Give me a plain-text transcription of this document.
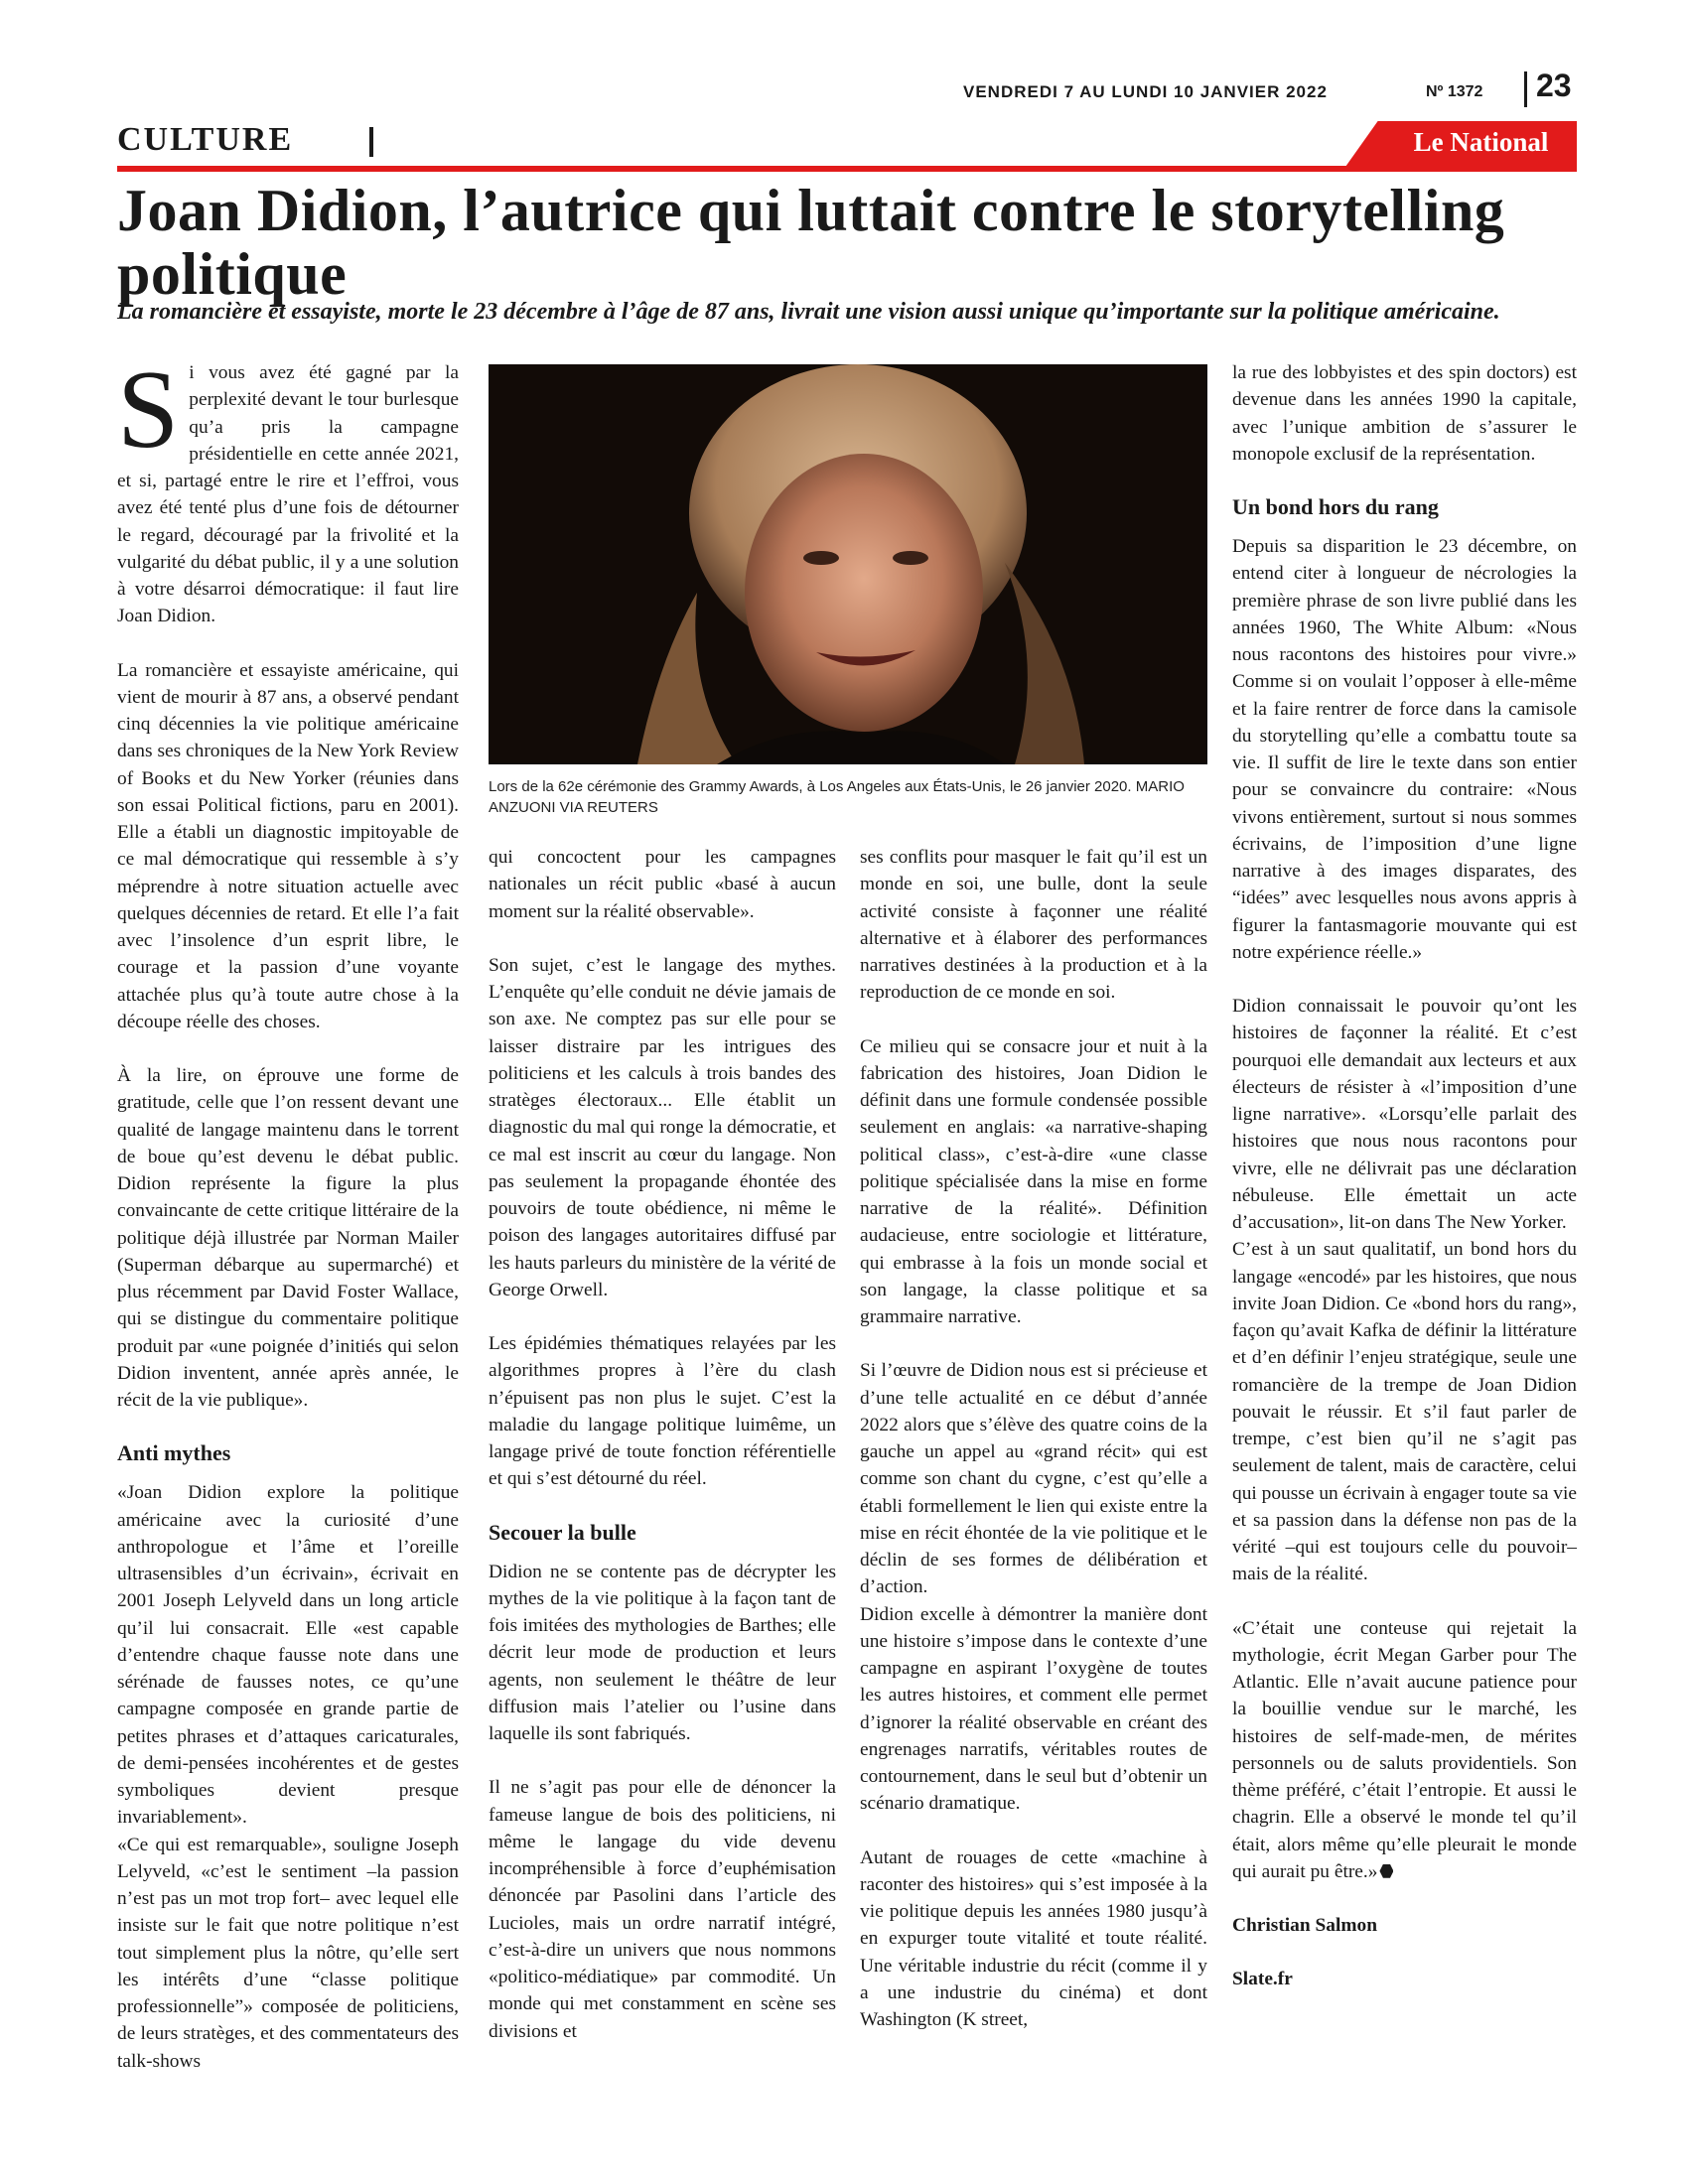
VENDREDI 7 AU LUNDI 10 JANVIER 2022	Nº 1372 23
CULTURE	Le National
Joan Didion, l’autrice qui luttait contre le storytelling politique

La romancière et essayiste, morte le 23 décembre à l’âge de 87 ans, livrait une vision aussi unique qu’importante sur la politique américaine.

Si vous avez été gagné par la perplexité devant le tour burlesque qu’a pris la campagne présidentielle en cette année 2021, et si, partagé entre le rire et l’effroi, vous avez été tenté plus d’une fois de détourner le regard, découragé par la frivolité et la vulgarité du débat public, il y a une solution à votre désarroi démocratique: il faut lire Joan Didion.

La romancière et essayiste américaine, qui vient de mourir à 87 ans, a observé pendant cinq décennies la vie politique américaine dans ses chroniques de la New York Review of Books et du New Yorker (réunies dans son essai Political fictions, paru en 2001). Elle a établi un diagnostic impitoyable de ce mal démocratique qui ressemble à s’y méprendre à notre situation actuelle avec quelques décennies de retard. Et elle l’a fait avec l’insolence d’un esprit libre, le courage et la passion d’une voyante attachée plus qu’à toute autre chose à la découpe réelle des choses.

À la lire, on éprouve une forme de gratitude, celle que l’on ressent devant une qualité de langage maintenu dans le torrent de boue qu’est devenu le débat public. Didion représente la figure la plus convaincante de cette critique littéraire de la politique déjà illustrée par Norman Mailer (Superman débarque au supermarché) et plus récemment par David Foster Wallace, qui se distingue du commentaire politique produit par «une poignée d’initiés qui selon Didion inventent, année après année, le récit de la vie publique».

Anti mythes

«Joan Didion explore la politique américaine avec la curiosité d’une anthropologue et l’âme et l’oreille ultrasensibles d’un écrivain», écrivait en 2001 Joseph Lelyveld dans un long article qu’il lui consacrait. Elle «est capable d’entendre chaque fausse note dans une sérénade de fausses notes, ce qu’une campagne composée en grande partie de petites phrases et d’attaques caricaturales, de demi-pensées incohérentes et de gestes symboliques devient presque invariablement».

«Ce qui est remarquable», souligne Joseph Lelyveld, «c’est le sentiment –la passion n’est pas un mot trop fort– avec lequel elle insiste sur le fait que notre politique n’est tout simplement plus la nôtre, qu’elle sert les intérêts d’une “classe politique professionnelle”» composée de politiciens, de leurs stratèges, et des commentateurs des talk-shows

Lors de la 62e cérémonie des Grammy Awards, à Los Angeles aux États-Unis, le 26 janvier 2020. MARIO ANZUONI VIA REUTERS

qui concoctent pour les campagnes nationales un récit public «basé à aucun moment sur la réalité observable».

Son sujet, c’est le langage des mythes. L’enquête qu’elle conduit ne dévie jamais de son axe. Ne comptez pas sur elle pour se laisser distraire par les intrigues des politiciens et les calculs à trois bandes des stratèges électoraux... Elle établit un diagnostic du mal qui ronge la démocratie, et ce mal est inscrit au cœur du langage. Non pas seulement la propagande éhontée des pouvoirs de toute obédience, ni même le poison des langages autoritaires diffusé par les hauts parleurs du ministère de la vérité de George Orwell.

Les épidémies thématiques relayées par les algorithmes propres à l’ère du clash n’épuisent pas non plus le sujet. C’est la maladie du langage politique luimême, un langage privé de toute fonction référentielle et qui s’est détourné du réel.

Secouer la bulle

Didion ne se contente pas de décrypter les mythes de la vie politique à la façon tant de fois imitées des mythologies de Barthes; elle décrit leur mode de production et leurs agents, non seulement le théâtre de leur diffusion mais l’atelier ou l’usine dans laquelle ils sont fabriqués.

Il ne s’agit pas pour elle de dénoncer la fameuse langue de bois des politiciens, ni même le langage du vide devenu incompréhensible à force d’euphémisation dénoncée par Pasolini dans l’article des Lucioles, mais un ordre narratif intégré, c’est-à-dire un univers que nous nommons «politico-médiatique» par commodité. Un monde qui met constamment en scène ses divisions et

ses conflits pour masquer le fait qu’il est un monde en soi, une bulle, dont la seule activité consiste à façonner une réalité alternative et à élaborer des performances narratives destinées à la production et à la reproduction de ce monde en soi.

Ce milieu qui se consacre jour et nuit à la fabrication des histoires, Joan Didion le définit dans une formule condensée possible seulement en anglais: «a narrative-shaping political class», c’est-à-dire «une classe politique spécialisée dans la mise en forme narrative de la réalité». Définition audacieuse, entre sociologie et littérature, qui embrasse à la fois un monde social et son langage, la classe politique et sa grammaire narrative.

Si l’œuvre de Didion nous est si précieuse et d’une telle actualité en ce début d’année 2022 alors que s’élève des quatre coins de la gauche un appel au «grand récit» qui est comme son chant du cygne, c’est qu’elle a établi formellement le lien qui existe entre la mise en récit éhontée de la vie politique et le déclin de ses formes de délibération et d’action.

Didion excelle à démontrer la manière dont une histoire s’impose dans le contexte d’une campagne en aspirant l’oxygène de toutes les autres histoires, et comment elle permet d’ignorer la réalité observable en créant des engrenages narratifs, véritables routes de contournement, dans le seul but d’obtenir un scénario dramatique.

Autant de rouages de cette «machine à raconter des histoires» qui s’est imposée à la vie politique depuis les années 1980 jusqu’à en expurger toute vitalité et toute réalité. Une véritable industrie du récit (comme il y a une industrie du cinéma) et dont Washington (K street,

la rue des lobbyistes et des spin doctors) est devenue dans les années 1990 la capitale, avec l’unique ambition de s’assurer le monopole exclusif de la représentation.

Un bond hors du rang

Depuis sa disparition le 23 décembre, on entend citer à longueur de nécrologies la première phrase de son livre publié dans les années 1960, The White Album: «Nous nous racontons des histoires pour vivre.» Comme si on voulait l’opposer à elle-même et la faire rentrer de force dans la camisole du storytelling qu’elle a combattu toute sa vie. Il suffit de lire le texte dans son entier pour se convaincre du contraire: «Nous vivons entièrement, surtout si nous sommes écrivains, de l’imposition d’une ligne narrative à des images disparates, des “idées” avec lesquelles nous avons appris à figurer la fantasmagorie mouvante qui est notre expérience réelle.»

Didion connaissait le pouvoir qu’ont les histoires de façonner la réalité. Et c’est pourquoi elle demandait aux lecteurs et aux électeurs de résister à «l’imposition d’une ligne narrative». «Lorsqu’elle parlait des histoires que nous nous racontons pour vivre, elle ne délivrait pas une déclaration nébuleuse. Elle émettait un acte d’accusation», lit-on dans The New Yorker.

C’est à un saut qualitatif, un bond hors du langage «encodé» par les histoires, que nous invite Joan Didion. Ce «bond hors du rang», façon qu’avait Kafka de définir la littérature et d’en définir l’enjeu stratégique, seule une romancière de la trempe de Joan Didion pouvait le réussir. Et s’il faut parler de trempe, c’est bien qu’il ne s’agit pas seulement de talent, mais de caractère, celui qui pousse un écrivain à engager toute sa vie et sa passion dans la défense non pas de la vérité –qui est toujours celle du pouvoir– mais de la réalité.

«C’était une conteuse qui rejetait la mythologie, écrit Megan Garber pour The Atlantic. Elle n’avait aucune patience pour la bouillie vendue sur le marché, les histoires de self-made-men, de mérites personnels ou de saluts providentiels. Son thème préféré, c’était l’entropie. Et aussi le chagrin. Elle a observé le monde tel qu’il était, alors même qu’elle pleurait le monde qui aurait pu être.»

Christian Salmon

Slate.fr
